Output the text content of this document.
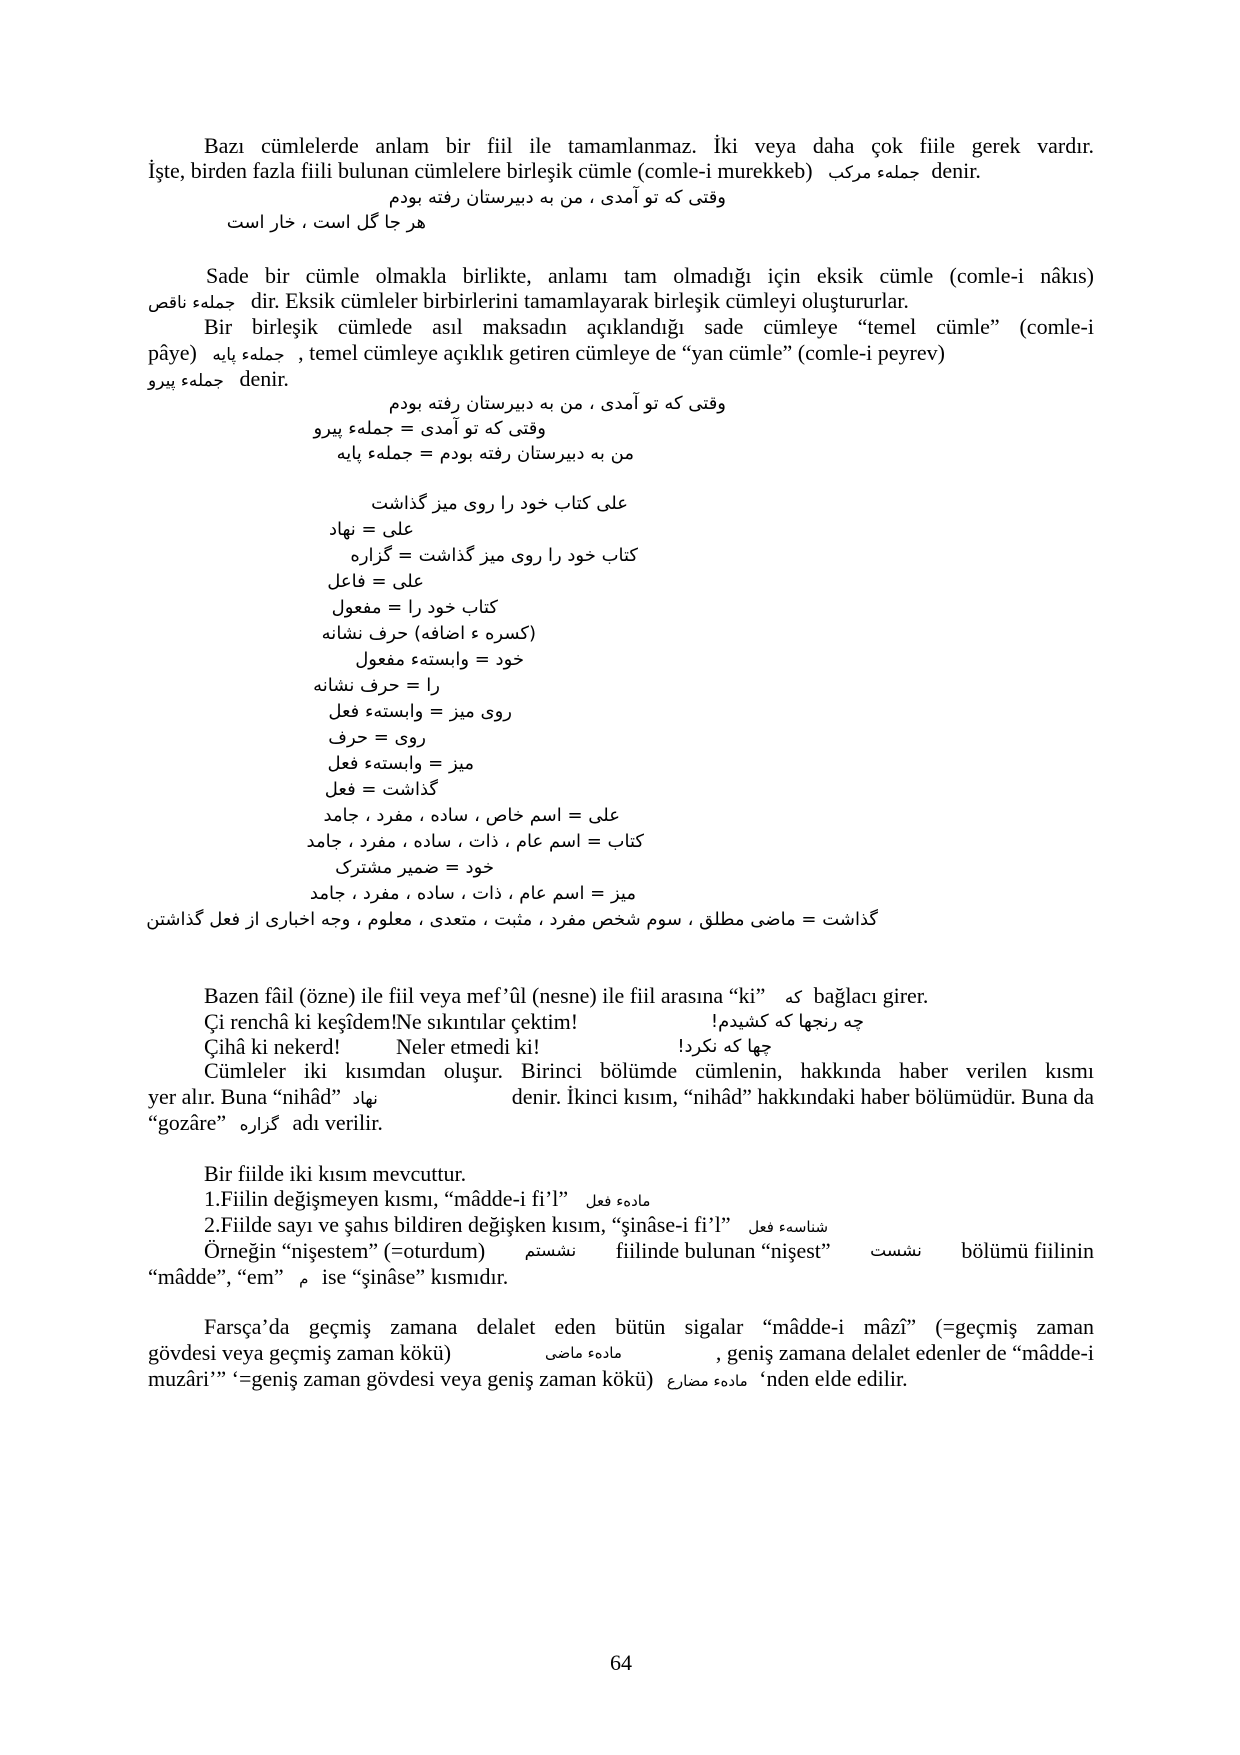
Bazı cümlelerde anlam bir fiil ile tamamlanmaz. İki veya daha çok fiile gerek vardır.
İşte, birden fazla fiili bulunan cümlelere birleşik cümle (comle-i murekkeb) جملهء مرکب denir.
وقتی که تو آمدی ، من به دبیرستان رفته بودم
هر جا گل است ، خار است
Sade bir cümle olmakla birlikte, anlamı tam olmadığı için eksik cümle (comle-i nâkıs)
جملهء ناقص dir. Eksik cümleler birbirlerini tamamlayarak birleşik cümleyi oluştururlar.
Bir birleşik cümlede asıl maksadın açıklandığı sade cümleye “temel cümle” (comle-i
pâye) جملهء پایه , temel cümleye açıklık getiren cümleye de “yan cümle” (comle-i peyrev)
جملهء پیرو denir.
وقتی که تو آمدی ، من به دبیرستان رفته بودم
وقتی که تو آمدی = جملهء پیرو
من به دبیرستان رفته بودم = جملهء پایه
علی کتاب خود را روی میز گذاشت
علی = نهاد
کتاب خود را روی میز گذاشت = گزاره
علی = فاعل
کتاب خود را = مفعول
(کسره ء اضافه) حرف نشانه
خود = وابستهء مفعول
را = حرف نشانه
روی میز = وابستهء فعل
روی = حرف
میز = وابستهء فعل
گذاشت = فعل
علی = اسم خاص ، ساده ، مفرد ، جامد
کتاب = اسم عام ، ذات ، ساده ، مفرد ، جامد
خود = ضمیر مشترک
میز = اسم عام ، ذات ، ساده ، مفرد ، جامد
گذاشت = ماضی مطلق ، سوم شخص مفرد ، مثبت ، متعدی ، معلوم ، وجه اخباری از فعل گذاشتن
Bazen fâil (özne) ile fiil veya mef’ûl (nesne) ile fiil arasına “ki” که bağlacı girer.
Çi renchâ ki keşîdem!
Ne sıkıntılar çektim!	چه رنجها که کشیدم!
Çihâ ki nekerd!	Neler etmedi ki!	چها که نکرد!
Cümleler iki kısımdan oluşur. Birinci bölümde cümlenin, hakkında haber verilen kısmı
yer alır. Buna “nihâd” نهاد	denir. İkinci kısım, “nihâd” hakkındaki haber bölümüdür. Buna da
“gozâre” گزاره adı verilir.
Bir fiilde iki kısım mevcuttur.
1.Fiilin değişmeyen kısmı, “mâdde-i fi’l” مادهء فعل
2.Fiilde sayı ve şahıs bildiren değişken kısım, “şinâse-i fi’l” شناسهء فعل
Örneğin “nişestem” (=oturdum) نشستم fiilinde bulunan “nişest” نشست bölümü fiilinin
“mâdde”, “em” م ise “şinâse” kısmıdır.
Farsça’da geçmiş zamana delalet eden bütün sigalar “mâdde-i mâzî” (=geçmiş zaman
gövdesi veya geçmiş zaman kökü)	مادهء ماضی	, geniş zamana delalet edenler de “mâdde-i
muzâri’” ‘=geniş zaman gövdesi veya geniş zaman kökü) مادهء مضارع ‘nden elde edilir.
64
